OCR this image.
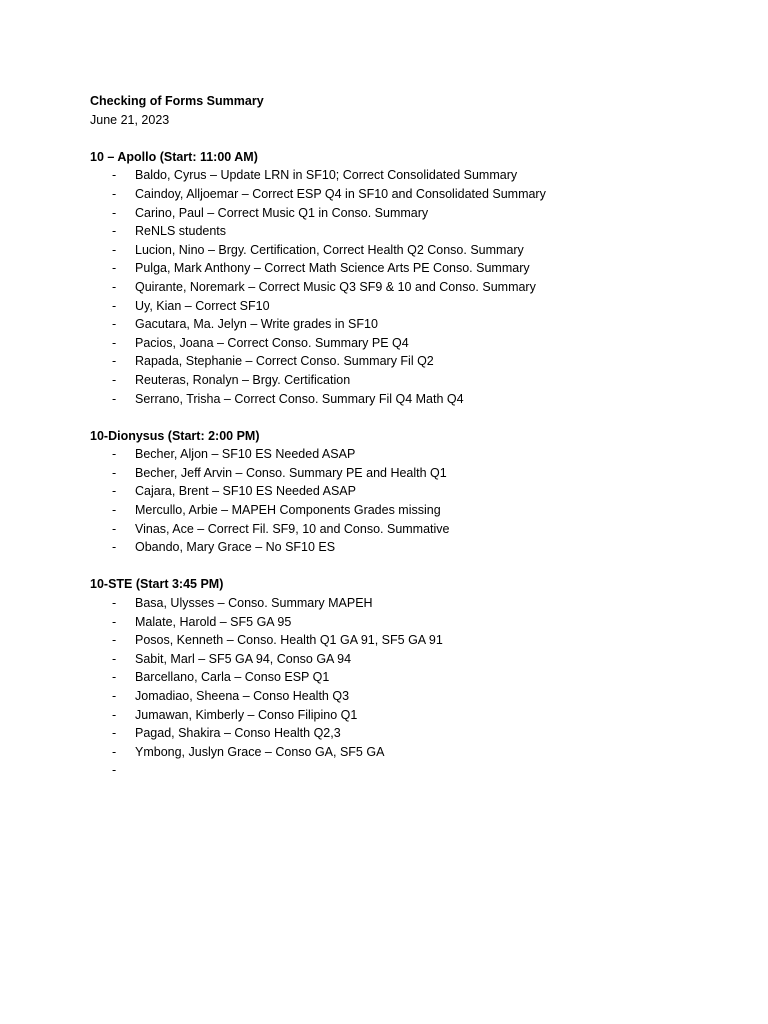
Checking of Forms Summary
June 21, 2023
10 – Apollo (Start: 11:00 AM)
- Baldo, Cyrus – Update LRN in SF10; Correct Consolidated Summary
- Caindoy, Alljoemar – Correct ESP Q4 in SF10 and Consolidated Summary
- Carino, Paul – Correct Music Q1 in Conso. Summary
- ReNLS students
- Lucion, Nino – Brgy. Certification, Correct Health Q2 Conso. Summary
- Pulga, Mark Anthony – Correct Math Science Arts PE Conso. Summary
- Quirante, Noremark – Correct Music Q3 SF9 & 10 and Conso. Summary
- Uy, Kian – Correct SF10
- Gacutara, Ma. Jelyn – Write grades in SF10
- Pacios, Joana – Correct Conso. Summary PE Q4
- Rapada, Stephanie – Correct Conso. Summary Fil Q2
- Reuteras, Ronalyn – Brgy. Certification
- Serrano, Trisha – Correct Conso. Summary Fil Q4 Math Q4
10-Dionysus (Start: 2:00 PM)
- Becher, Aljon – SF10 ES Needed ASAP
- Becher, Jeff Arvin – Conso. Summary PE and Health Q1
- Cajara, Brent – SF10 ES Needed ASAP
- Mercullo, Arbie – MAPEH Components Grades missing
- Vinas, Ace – Correct Fil. SF9, 10 and Conso. Summative
- Obando, Mary Grace – No SF10 ES
10-STE (Start 3:45 PM)
- Basa, Ulysses – Conso. Summary MAPEH
- Malate, Harold – SF5 GA 95
- Posos, Kenneth – Conso. Health Q1 GA 91, SF5 GA 91
- Sabit, Marl – SF5 GA 94, Conso GA 94
- Barcellano, Carla – Conso ESP Q1
- Jomadiao, Sheena – Conso Health Q3
- Jumawan, Kimberly – Conso Filipino Q1
- Pagad, Shakira – Conso Health Q2,3
- Ymbong, Juslyn Grace – Conso GA, SF5 GA
-
